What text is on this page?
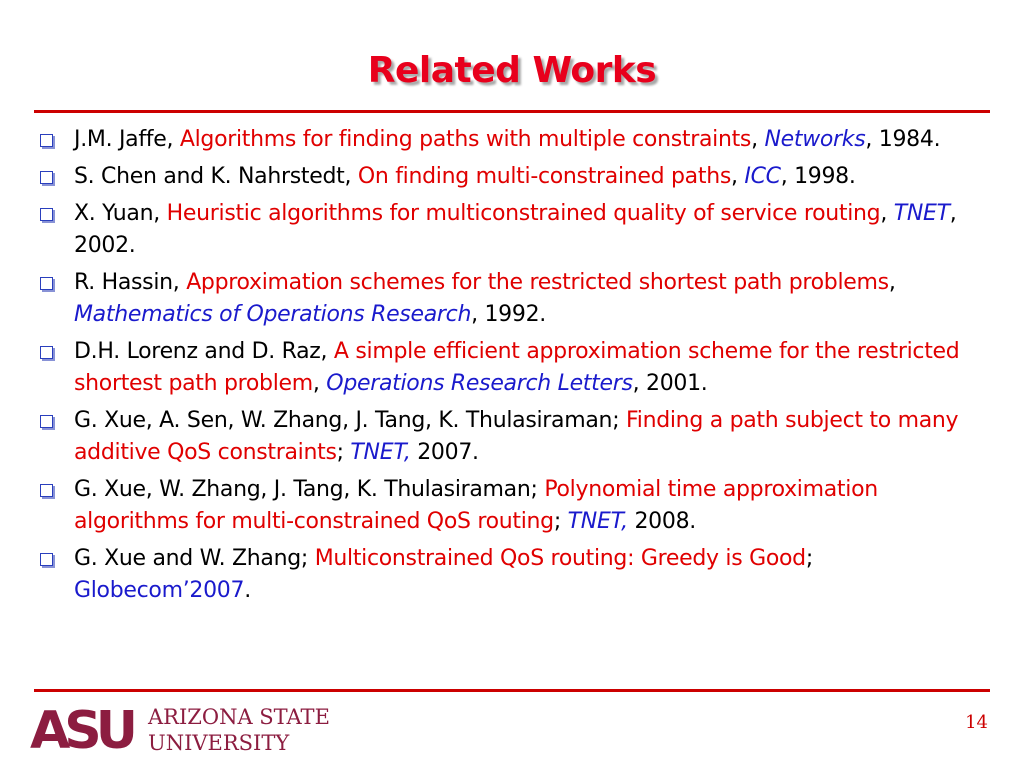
Related Works
J.M. Jaffe, Algorithms for finding paths with multiple constraints, Networks, 1984.
S. Chen and K. Nahrstedt, On finding multi-constrained paths, ICC, 1998.
X. Yuan, Heuristic algorithms for multiconstrained quality of service routing, TNET, 2002.
R. Hassin, Approximation schemes for the restricted shortest path problems, Mathematics of Operations Research, 1992.
D.H. Lorenz and D. Raz, A simple efficient approximation scheme for the restricted shortest path problem, Operations Research Letters, 2001.
G. Xue, A. Sen, W. Zhang, J. Tang, K. Thulasiraman; Finding a path subject to many additive QoS constraints; TNET, 2007.
G. Xue, W. Zhang, J. Tang, K. Thulasiraman; Polynomial time approximation algorithms for multi-constrained QoS routing; TNET, 2008.
G. Xue and W. Zhang; Multiconstrained QoS routing: Greedy is Good; Globecom’2007.
ASU ARIZONA STATE
UNIVERSITY
14
